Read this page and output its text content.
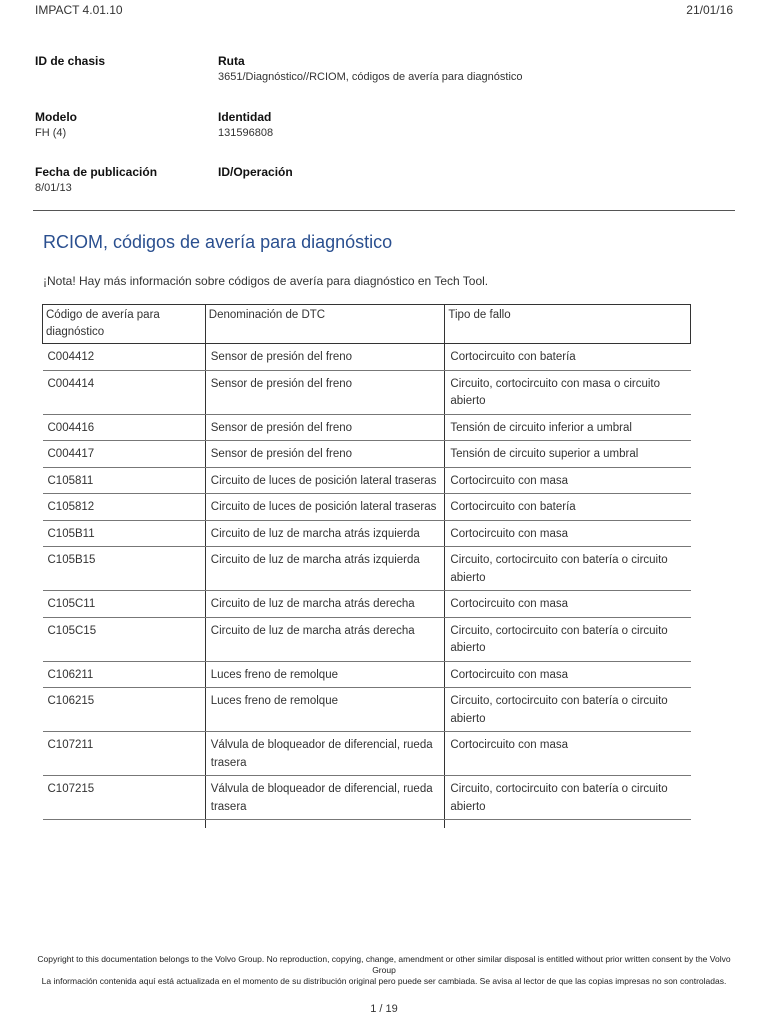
IMPACT 4.01.10	21/01/16
ID de chasis	Ruta
3651/Diagnóstico//RCIOM, códigos de avería para diagnóstico
Modelo
FH (4)
Identidad
131596808
Fecha de publicación
8/01/13
ID/Operación
RCIOM, códigos de avería para diagnóstico
¡Nota! Hay más información sobre códigos de avería para diagnóstico en Tech Tool.
Código de avería para diagnóstico	Denominación de DTC	Tipo de fallo
C004412	Sensor de presión del freno	Cortocircuito con batería
C004414	Sensor de presión del freno	Circuito, cortocircuito con masa o circuito abierto
C004416	Sensor de presión del freno	Tensión de circuito inferior a umbral
C004417	Sensor de presión del freno	Tensión de circuito superior a umbral
C105811	Circuito de luces de posición lateral traseras	Cortocircuito con masa
C105812	Circuito de luces de posición lateral traseras	Cortocircuito con batería
C105B11	Circuito de luz de marcha atrás izquierda	Cortocircuito con masa
C105B15	Circuito de luz de marcha atrás izquierda	Circuito, cortocircuito con batería o circuito abierto
C105C11	Circuito de luz de marcha atrás derecha	Cortocircuito con masa
C105C15	Circuito de luz de marcha atrás derecha	Circuito, cortocircuito con batería o circuito abierto
C106211	Luces freno de remolque	Cortocircuito con masa
C106215	Luces freno de remolque	Circuito, cortocircuito con batería o circuito abierto
C107211	Válvula de bloqueador de diferencial, rueda trasera	Cortocircuito con masa
C107215	Válvula de bloqueador de diferencial, rueda trasera	Circuito, cortocircuito con batería o circuito abierto

Copyright to this documentation belongs to the Volvo Group. No reproduction, copying, change, amendment or other similar disposal is entitled without prior written consent by the Volvo Group
La información contenida aquí está actualizada en el momento de su distribución original pero puede ser cambiada. Se avisa al lector de que las copias impresas no son controladas.
1 / 19
